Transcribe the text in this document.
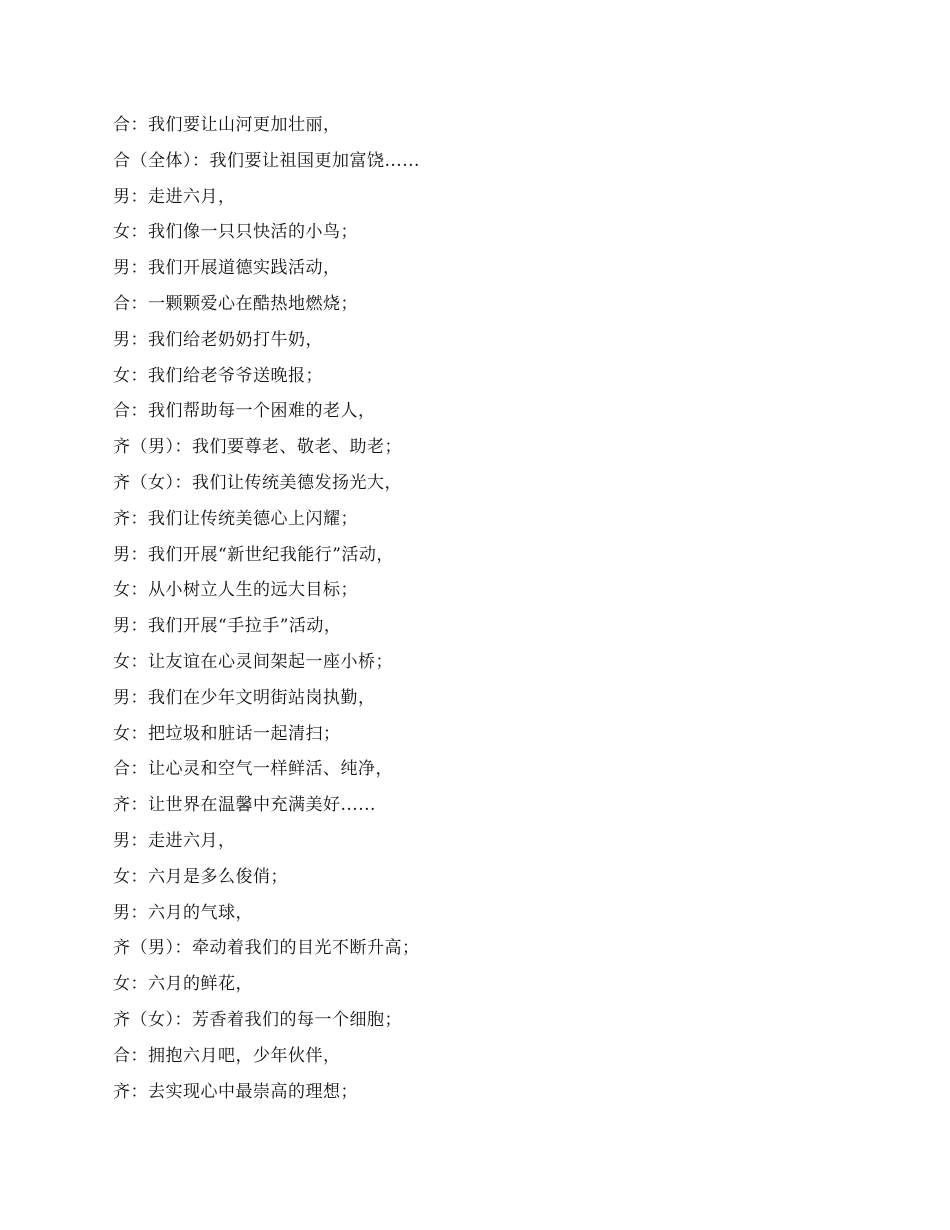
合：我们要让山河更加壮丽，
合（全体）：我们要让祖国更加富饶......
男：走进六月，
女：我们像一只只快活的小鸟；
男：我们开展道德实践活动，
合：一颗颗爱心在酷热地燃烧；
男：我们给老奶奶打牛奶，
女：我们给老爷爷送晚报；
合：我们帮助每一个困难的老人，
齐（男）：我们要尊老、敬老、助老；
齐（女）：我们让传统美德发扬光大，
齐：我们让传统美德心上闪耀；
男：我们开展“新世纪我能行”活动，
女：从小树立人生的远大目标；
男：我们开展“手拉手”活动，
女：让友谊在心灵间架起一座小桥；
男：我们在少年文明街站岗执勤，
女：把垃圾和脏话一起清扫；
合：让心灵和空气一样鲜活、纯净，
齐：让世界在温馨中充满美好......
男：走进六月，
女：六月是多么俊俏；
男：六月的气球，
齐（男）：牵动着我们的目光不断升高；
女：六月的鲜花，
齐（女）：芳香着我们的每一个细胞；
合：拥抱六月吧，少年伙伴，
齐：去实现心中最崇高的理想；
